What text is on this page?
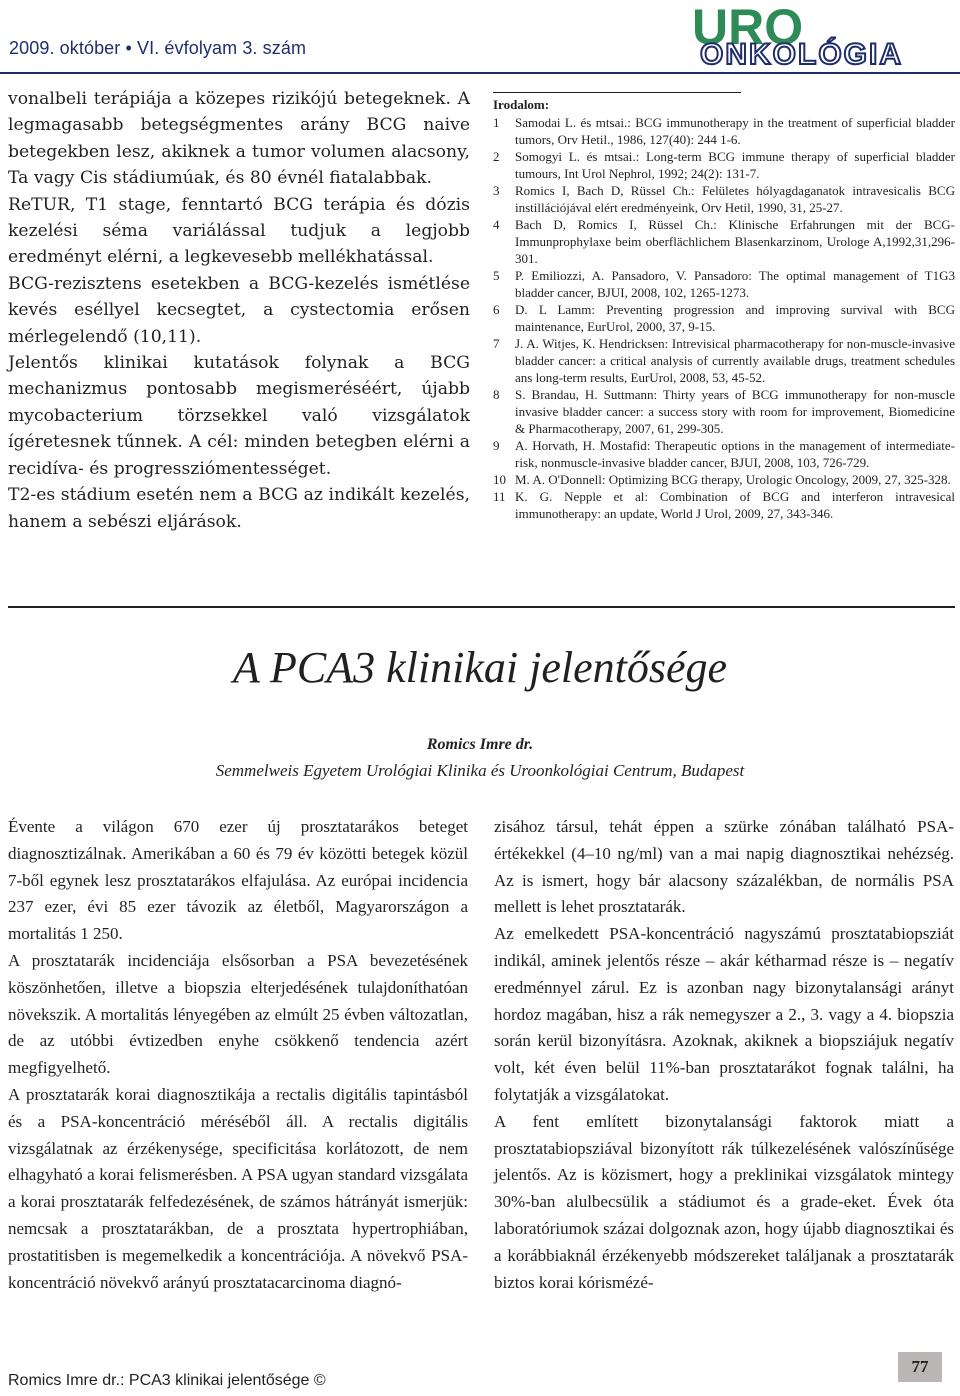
2009. október • VI. évfolyam 3. szám	URO
ONKOLÓGIA

vonalbeli terápiája a közepes rizikójú betegeknek. A legmagasabb betegségmentes arány BCG naive betegekben lesz, akiknek a tumor volumen alacsony, Ta vagy Cis stádiumúak, és 80 évnél fiatalabbak.

ReTUR, T1 stage, fenntartó BCG terápia és dózis kezelési séma variálással tudjuk a legjobb eredményt elérni, a legkevesebb mellékhatással.

BCG-rezisztens esetekben a BCG-kezelés ismétlése kevés eséllyel kecsegtet, a cystectomia erősen mérlegelendő (10,11).

Jelentős klinikai kutatások folynak a BCG mechanizmus pontosabb megismeréséért, újabb mycobacterium törzsekkel való vizsgálatok ígéretesnek tűnnek. A cél: minden betegben elérni a recidíva- és progressziómentességet.

T2-es stádium esetén nem a BCG az indikált kezelés, hanem a sebészi eljárások.

Irodalom:
1	Samodai L. és mtsai.: BCG immunotherapy in the treatment of superficial bladder tumors, Orv Hetil., 1986, 127(40): 244 1-6.
2	Somogyi L. és mtsai.: Long-term BCG immune therapy of superficial bladder tumours, Int Urol Nephrol, 1992; 24(2): 131-7.
3	Romics I, Bach D, Rüssel Ch.: Felületes hólyagdaganatok intravesicalis BCG instillációjával elért eredményeink, Orv Hetil, 1990, 31, 25-27.
4	Bach D, Romics I, Rüssel Ch.: Klinische Erfahrungen mit der BCG-Immunprophylaxe beim oberflächlichem Blasenkarzinom, Urologe A,1992,31,296-301.
5	P. Emiliozzi, A. Pansadoro, V. Pansadoro: The optimal management of T1G3 bladder cancer, BJUI, 2008, 102, 1265-1273.
6	D. L Lamm: Preventing progression and improving survival with BCG maintenance, EurUrol, 2000, 37, 9-15.
7	J. A. Witjes, K. Hendricksen: Intrevisical pharmacotherapy for non-muscle-invasive bladder cancer: a critical analysis of currently available drugs, treatment schedules ans long-term results, EurUrol, 2008, 53, 45-52.
8	S. Brandau, H. Suttmann: Thirty years of BCG immunotherapy for non-muscle invasive bladder cancer: a success story with room for improvement, Biomedicine & Pharmacotherapy, 2007, 61, 299-305.
9	A. Horvath, H. Mostafid: Therapeutic options in the management of intermediate-risk, nonmuscle-invasive bladder cancer, BJUI, 2008, 103, 726-729.
10 M. A. O'Donnell: Optimizing BCG therapy, Urologic Oncology, 2009, 27, 325-328.
11 K. G. Nepple et al: Combination of BCG and interferon intravesical immunotherapy: an update, World J Urol, 2009, 27, 343-346.
A PCA3 klinikai jelentősége
Romics Imre dr.
Semmelweis Egyetem Urológiai Klinika és Uroonkológiai Centrum, Budapest

Évente a világon 670 ezer új prosztatarákos beteget diagnosztizálnak. Amerikában a 60 és 79 év közötti betegek közül 7-ből egynek lesz prosztatarákos elfajulása. Az európai incidencia 237 ezer, évi 85 ezer távozik az életből, Magyarországon a mortalitás 1 250.

A prosztatarák incidenciája elsősorban a PSA bevezetésének köszönhetően, illetve a biopszia elterjedésének tulajdoníthatóan növekszik. A mortalitás lényegében az elmúlt 25 évben változatlan, de az utóbbi évtizedben enyhe csökkenő tendencia azért megfigyelhető.

A prosztatarák korai diagnosztikája a rectalis digitális tapintásból és a PSA-koncentráció méréséből áll. A rectalis digitális vizsgálatnak az érzékenysége, specificitása korlátozott, de nem elhagyható a korai felismerésben. A PSA ugyan standard vizsgálata a korai prosztatarák felfedezésének, de számos hátrányát ismerjük: nemcsak a prosztatarákban, de a prosztata hypertrophiában, prostatitisben is megemelkedik a koncentrációja. A növekvő PSA-koncentráció növekvő arányú prosztatacarcinoma diagnó-

zisához társul, tehát éppen a szürke zónában található PSA-értékekkel (4–10 ng/ml) van a mai napig diagnosztikai nehézség. Az is ismert, hogy bár alacsony százalékban, de normális PSA mellett is lehet prosztatarák.

Az emelkedett PSA-koncentráció nagyszámú prosztatabiopsziát indikál, aminek jelentős része – akár kétharmad része is – negatív eredménnyel zárul. Ez is azonban nagy bizonytalansági arányt hordoz magában, hisz a rák nemegyszer a 2., 3. vagy a 4. biopszia során kerül bizonyításra. Azoknak, akiknek a biopsziájuk negatív volt, két éven belül 11%-ban prosztatarákot fognak találni, ha folytatják a vizsgálatokat.

A fent említett bizonytalansági faktorok miatt a prosztatabiopsziával bizonyított rák túlkezelésének valószínűsége jelentős. Az is közismert, hogy a preklinikai vizsgálatok mintegy 30%-ban alulbecsülik a stádiumot és a grade-eket. Évek óta laboratóriumok százai dolgoznak azon, hogy újabb diagnosztikai és a korábbiaknál érzékenyebb módszereket találjanak a prosztatarák biztos korai kórismézé-

Romics Imre dr.: PCA3 klinikai jelentősége ©
77
